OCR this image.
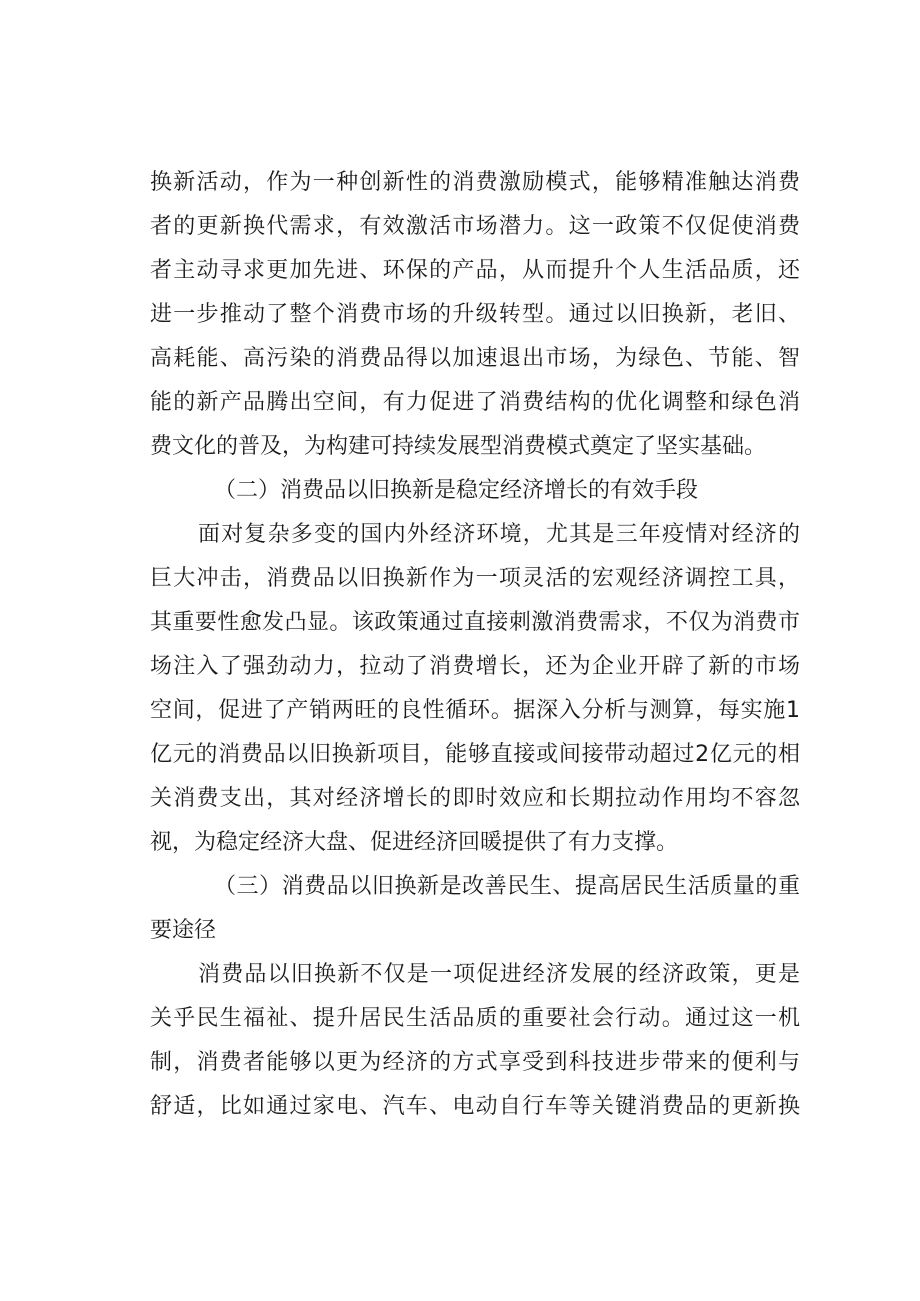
换新活动，作为一种创新性的消费激励模式，能够精准触达消费

者的更新换代需求，有效激活市场潜力。这一政策不仅促使消费

者主动寻求更加先进、环保的产品，从而提升个人生活品质，还

进一步推动了整个消费市场的升级转型。通过以旧换新，老旧、

高耗能、高污染的消费品得以加速退出市场，为绿色、节能、智

能的新产品腾出空间，有力促进了消费结构的优化调整和绿色消

费文化的普及，为构建可持续发展型消费模式奠定了坚实基础。

（二）消费品以旧换新是稳定经济增长的有效手段

面对复杂多变的国内外经济环境，尤其是三年疫情对经济的

巨大冲击，消费品以旧换新作为一项灵活的宏观经济调控工具，

其重要性愈发凸显。该政策通过直接刺激消费需求，不仅为消费市

场注入了强劲动力，拉动了消费增长，还为企业开辟了新的市场

空间，促进了产销两旺的良性循环。据深入分析与测算，每实施1

亿元的消费品以旧换新项目，能够直接或间接带动超过2亿元的相

关消费支出，其对经济增长的即时效应和长期拉动作用均不容忽

视，为稳定经济大盘、促进经济回暖提供了有力支撑。

（三）消费品以旧换新是改善民生、提高居民生活质量的重

要途径

消费品以旧换新不仅是一项促进经济发展的经济政策，更是

关乎民生福祉、提升居民生活品质的重要社会行动。通过这一机

制，消费者能够以更为经济的方式享受到科技进步带来的便利与

舒适，比如通过家电、汽车、电动自行车等关键消费品的更新换
